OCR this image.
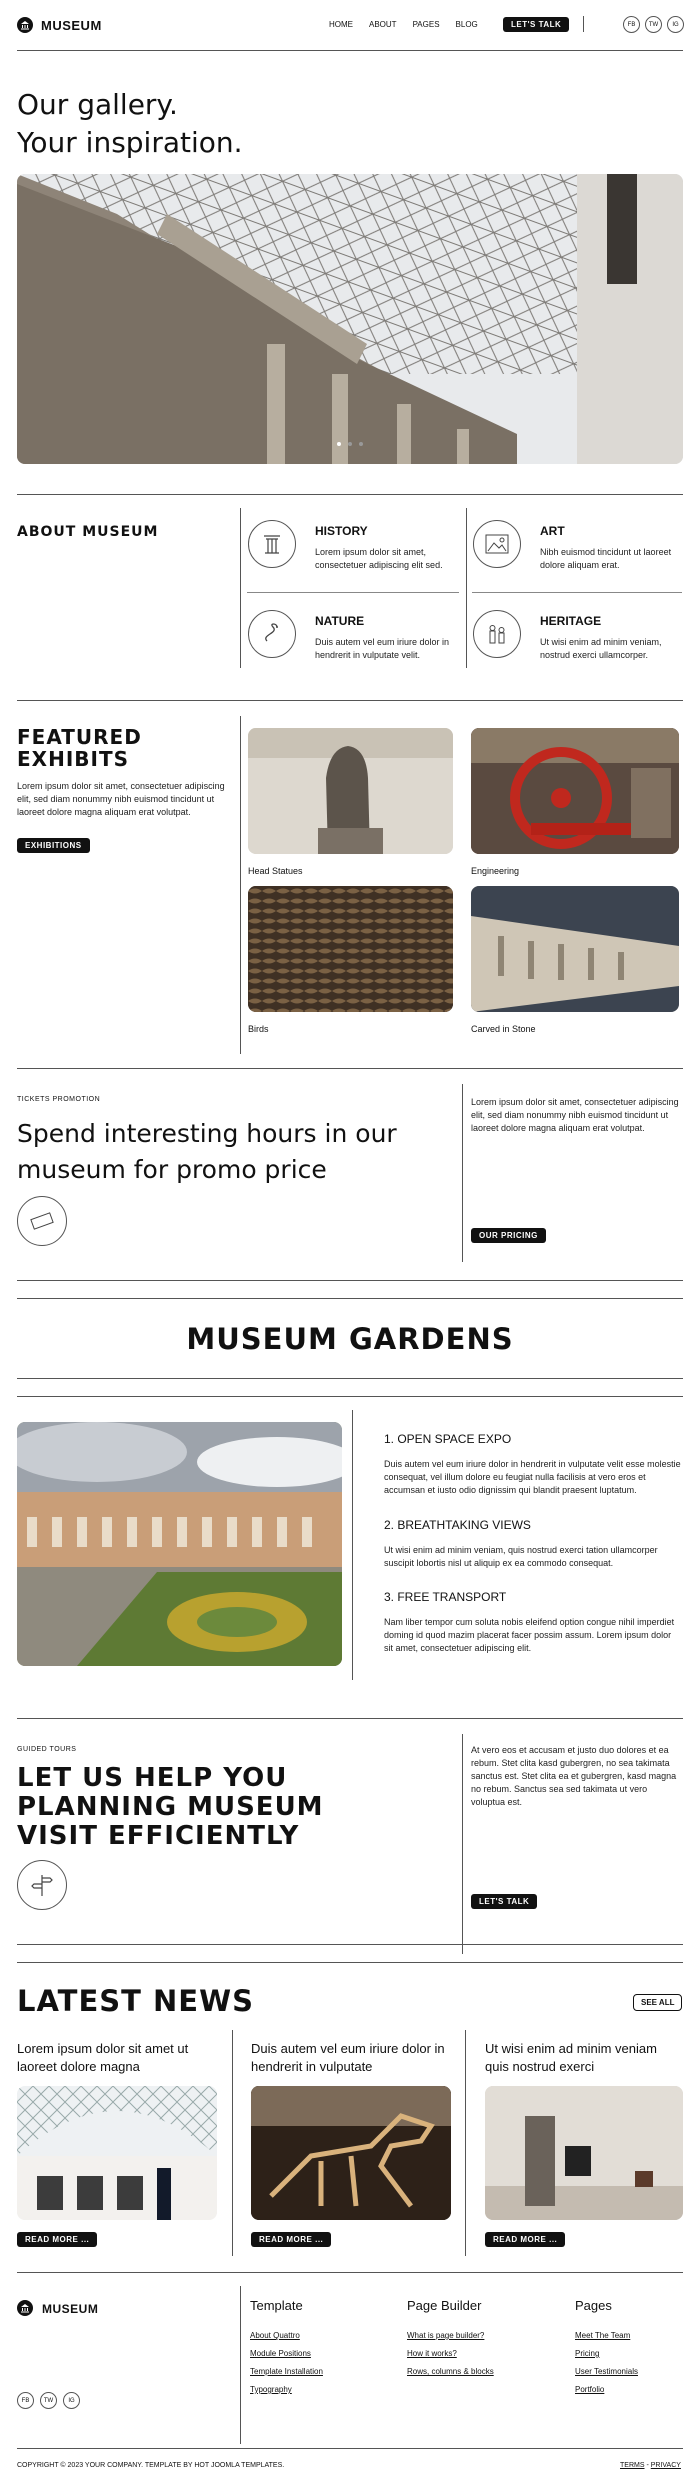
MUSEUM	HOME ABOUT PAGES BLOG	LET'S TALK	FB TW IG
Our gallery.
Your inspiration.
ABOUT MUSEUM	HISTORY
Lorem ipsum dolor sit amet, consectetuer adipiscing elit sed.
ART
Nibh euismod tincidunt ut laoreet dolore aliquam erat.
NATURE
Duis autem vel eum iriure dolor in hendrerit in vulputate velit.
HERITAGE
Ut wisi enim ad minim veniam, nostrud exerci ullamcorper.
FEATURED
EXHIBITS
Lorem ipsum dolor sit amet, consectetuer adipiscing elit, sed diam nonummy nibh euismod tincidunt ut laoreet dolore magna aliquam erat volutpat.
EXHIBITIONS
Head Statues	Engineering
Birds	Carved in Stone
TICKETS PROMOTION
Spend interesting hours in our
museum for promo price
Lorem ipsum dolor sit amet, consectetuer adipiscing elit, sed diam nonummy nibh euismod tincidunt ut laoreet dolore magna aliquam erat volutpat.
OUR PRICING
MUSEUM GARDENS
1. OPEN SPACE EXPO
Duis autem vel eum iriure dolor in hendrerit in vulputate velit esse molestie consequat, vel illum dolore eu feugiat nulla facilisis at vero eros et accumsan et iusto odio dignissim qui blandit praesent luptatum.
2. BREATHTAKING VIEWS
Ut wisi enim ad minim veniam, quis nostrud exerci tation ullamcorper suscipit lobortis nisl ut aliquip ex ea commodo consequat.
3. FREE TRANSPORT
Nam liber tempor cum soluta nobis eleifend option congue nihil imperdiet doming id quod mazim placerat facer possim assum. Lorem ipsum dolor sit amet, consectetuer adipiscing elit.
GUIDED TOURS
LET US HELP YOU
PLANNING MUSEUM
VISIT EFFICIENTLY
At vero eos et accusam et justo duo dolores et ea rebum. Stet clita kasd gubergren, no sea takimata sanctus est. Stet clita ea et gubergren, kasd magna no rebum. Sanctus sea sed takimata ut vero voluptua est.
LET'S TALK
LATEST NEWS	SEE ALL
Lorem ipsum dolor sit amet ut laoreet dolore magna
READ MORE ...
Duis autem vel eum iriure dolor in hendrerit in vulputate
READ MORE ...
Ut wisi enim ad minim veniam quis nostrud exerci
READ MORE ...
MUSEUM
FB TW	IG
Template
About Quattro
Module Positions
Template Installation
Typography
Page Builder
What is page builder?
How it works?
Rows, columns & blocks
Pages
Meet The Team
Pricing
User Testimonials
Portfolio
COPYRIGHT © 2023 YOUR COMPANY. TEMPLATE BY HOT JOOMLA TEMPLATES.	TERMS - PRIVACY
